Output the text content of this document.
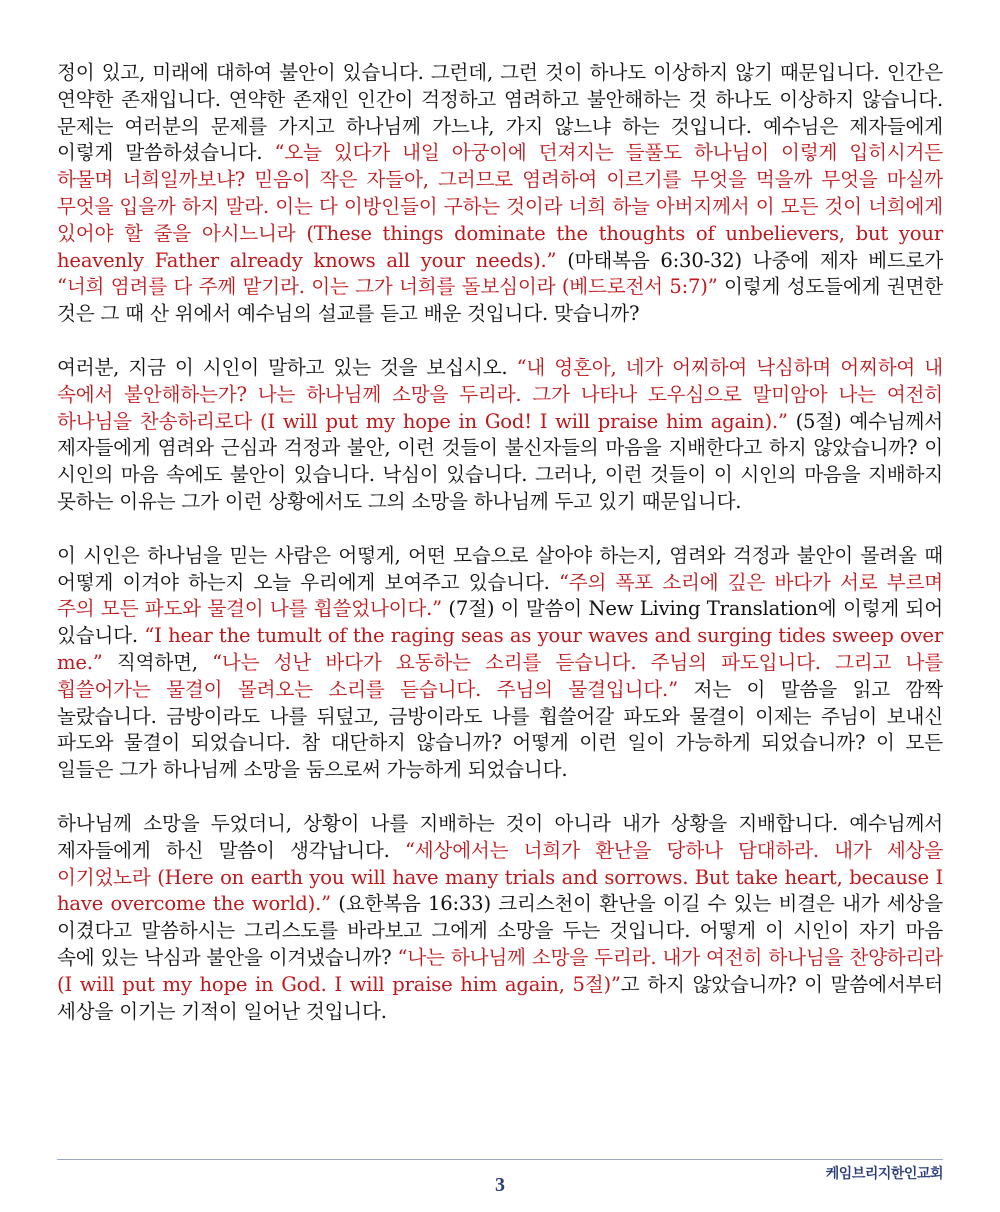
정이 있고, 미래에 대하여 불안이 있습니다. 그런데, 그런 것이 하나도 이상하지 않기 때문입니다. 인간은 연약한 존재입니다. 연약한 존재인 인간이 걱정하고 염려하고 불안해하는 것 하나도 이상하지 않습니다. 문제는 여러분의 문제를 가지고 하나님께 가느냐, 가지 않느냐 하는 것입니다. 예수님은 제자들에게 이렇게 말씀하셨습니다. “오늘 있다가 내일 아궁이에 던져지는 들풀도 하나님이 이렇게 입히시거든 하물며 너희일까보냐? 믿음이 작은 자들아, 그러므로 염려하여 이르기를 무엇을 먹을까 무엇을 마실까 무엇을 입을까 하지 말라. 이는 다 이방인들이 구하는 것이라 너희 하늘 아버지께서 이 모든 것이 너희에게 있어야 할 줄을 아시느니라 (These things dominate the thoughts of unbelievers, but your heavenly Father already knows all your needs).” (마태복음 6:30-32) 나중에 제자 베드로가 “너희 염려를 다 주께 맡기라. 이는 그가 너희를 돌보심이라 (베드로전서 5:7)” 이렇게 성도들에게 권면한 것은 그 때 산 위에서 예수님의 설교를 듣고 배운 것입니다. 맞습니까?

여러분, 지금 이 시인이 말하고 있는 것을 보십시오. “내 영혼아, 네가 어찌하여 낙심하며 어찌하여 내 속에서 불안해하는가? 나는 하나님께 소망을 두리라. 그가 나타나 도우심으로 말미암아 나는 여전히 하나님을 찬송하리로다 (I will put my hope in God! I will praise him again).” (5절) 예수님께서 제자들에게 염려와 근심과 걱정과 불안, 이런 것들이 불신자들의 마음을 지배한다고 하지 않았습니까? 이 시인의 마음 속에도 불안이 있습니다. 낙심이 있습니다. 그러나, 이런 것들이 이 시인의 마음을 지배하지 못하는 이유는 그가 이런 상황에서도 그의 소망을 하나님께 두고 있기 때문입니다.

이 시인은 하나님을 믿는 사람은 어떻게, 어떤 모습으로 살아야 하는지, 염려와 걱정과 불안이 몰려올 때 어떻게 이겨야 하는지 오늘 우리에게 보여주고 있습니다. “주의 폭포 소리에 깊은 바다가 서로 부르며 주의 모든 파도와 물결이 나를 휩쓸었나이다.” (7절) 이 말씀이 New Living Translation에 이렇게 되어 있습니다. “I hear the tumult of the raging seas as your waves and surging tides sweep over me.” 직역하면, “나는 성난 바다가 요동하는 소리를 듣습니다. 주님의 파도입니다. 그리고 나를 휩쓸어가는 물결이 몰려오는 소리를 듣습니다. 주님의 물결입니다.” 저는 이 말씀을 읽고 깜짝 놀랐습니다. 금방이라도 나를 뒤덮고, 금방이라도 나를 휩쓸어갈 파도와 물결이 이제는 주님이 보내신 파도와 물결이 되었습니다. 참 대단하지 않습니까? 어떻게 이런 일이 가능하게 되었습니까? 이 모든 일들은 그가 하나님께 소망을 둠으로써 가능하게 되었습니다.

하나님께 소망을 두었더니, 상황이 나를 지배하는 것이 아니라 내가 상황을 지배합니다. 예수님께서 제자들에게 하신 말씀이 생각납니다. “세상에서는 너희가 환난을 당하나 담대하라. 내가 세상을 이기었노라 (Here on earth you will have many trials and sorrows. But take heart, because I have overcome the world).” (요한복음 16:33) 크리스천이 환난을 이길 수 있는 비결은 내가 세상을 이겼다고 말씀하시는 그리스도를 바라보고 그에게 소망을 두는 것입니다. 어떻게 이 시인이 자기 마음 속에 있는 낙심과 불안을 이겨냈습니까? “나는 하나님께 소망을 두리라. 내가 여전히 하나님을 찬양하리라 (I will put my hope in God. I will praise him again, 5절)”고 하지 않았습니까? 이 말씀에서부터 세상을 이기는 기적이 일어난 것입니다.

케임브리지한인교회
3
